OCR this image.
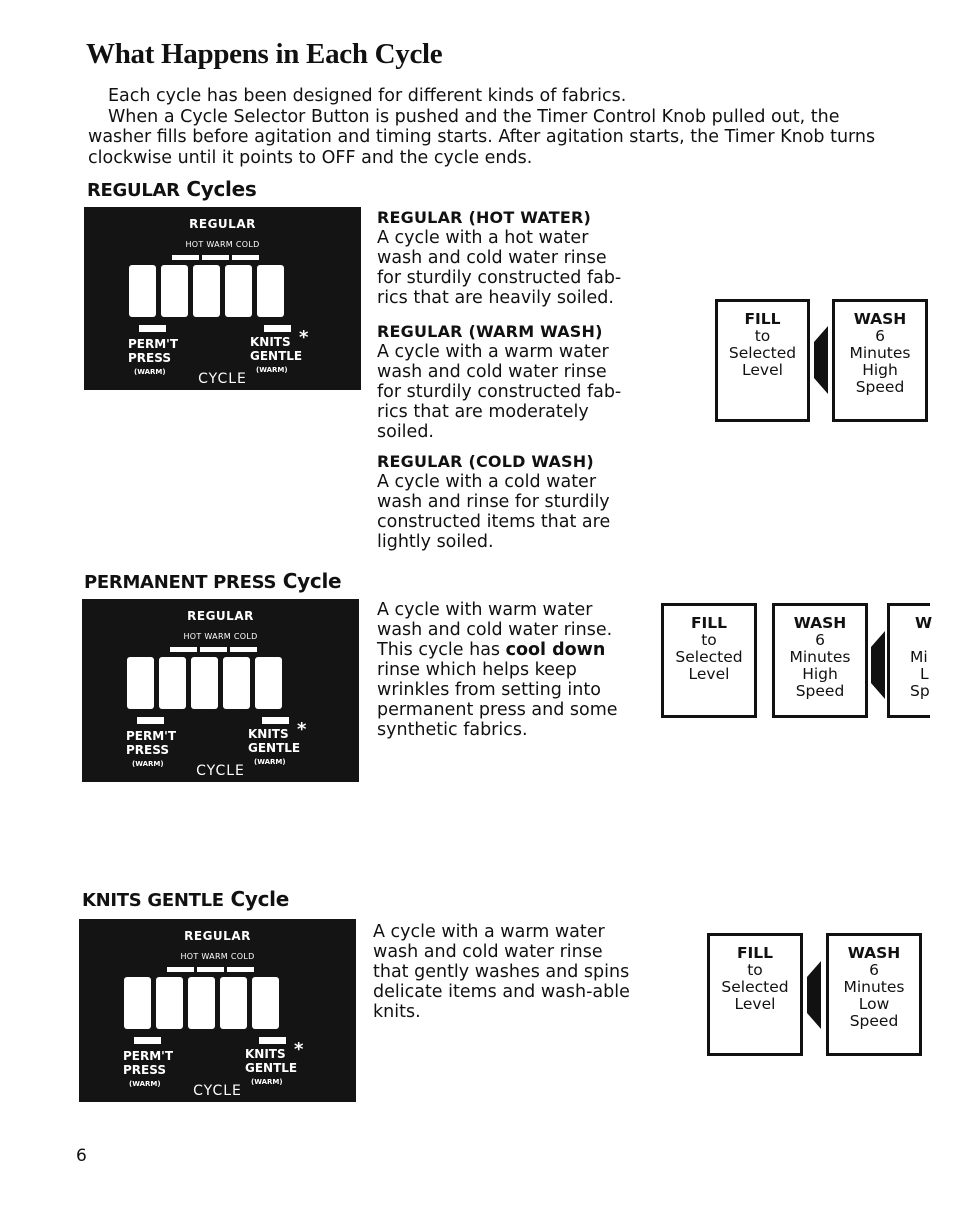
What Happens in Each Cycle

Each cycle has been designed for different kinds of fabrics.

When a Cycle Selector Button is pushed and the Timer Control Knob pulled out, the washer fills before agitation and timing starts. After agitation starts, the Timer Knob turns clockwise until it points to OFF and the cycle ends.

REGULAR Cycles
REGULAR
HOT WARM COLD
PERM'T
PRESS
(WARM)
KNITS
GENTLE
(WARM)
*
CYCLE

REGULAR (HOT WATER)

A cycle with a hot water wash and cold water rinse for sturdily constructed fab-rics that are heavily soiled.

REGULAR (WARM WASH)

A cycle with a warm water wash and cold water rinse for sturdily constructed fab-rics that are moderately soiled.

REGULAR (COLD WASH)

A cycle with a cold water wash and rinse for sturdily constructed items that are lightly soiled.

FILL
to
Selected
Level
WASH
6
Minutes
High
Speed
PERMANENT PRESS Cycle
REGULAR
HOT WARM COLD
PERM'T
PRESS
(WARM)
KNITS
GENTLE
(WARM)
*
CYCLE

A cycle with warm water wash and cold water rinse. This cycle has cool down rinse which helps keep wrinkles from setting into permanent press and some synthetic fabrics.

FILL
to
Selected
Level
WASH
6
Minutes
High
Speed
W

Mi
L
Sp
KNITS GENTLE Cycle
REGULAR
HOT WARM COLD
PERM'T
PRESS
(WARM)
KNITS
GENTLE
(WARM)
*
CYCLE

A cycle with a warm water wash and cold water rinse that gently washes and spins delicate items and wash-able knits.

FILL
to
Selected
Level
WASH
6
Minutes
Low
Speed
6
